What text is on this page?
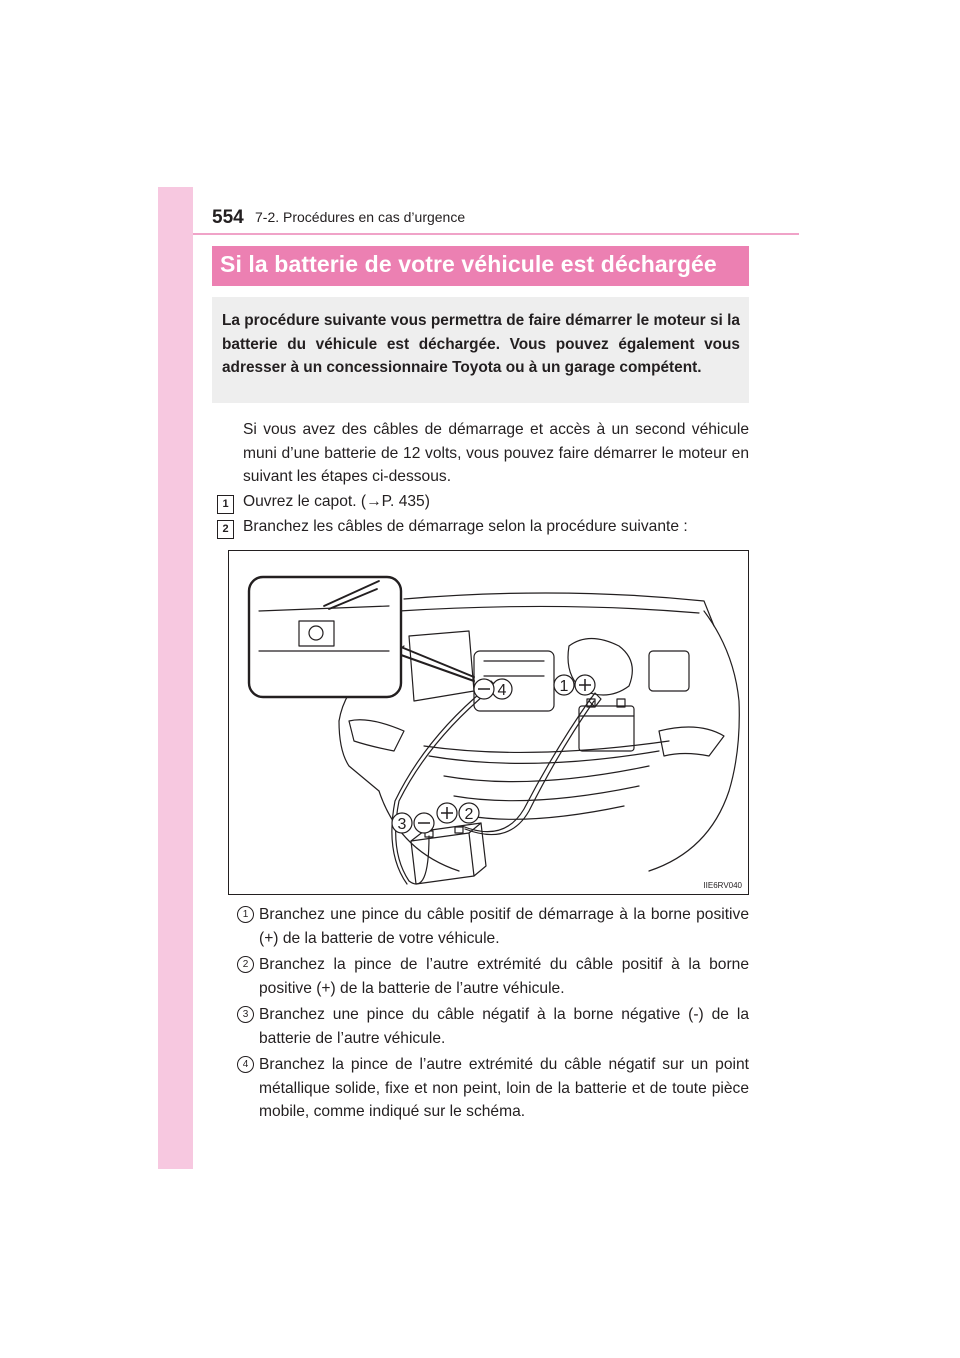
554 7-2. Procédures en cas d’urgence
Si la batterie de votre véhicule est déchargée
La procédure suivante vous permettra de faire démarrer le moteur si la batterie du véhicule est déchargée. Vous pouvez également vous adresser à un concessionnaire Toyota ou à un garage compétent.
Si vous avez des câbles de démarrage et accès à un second véhicule muni d’une batterie de 12 volts, vous pouvez faire démarrer le moteur en suivant les étapes ci-dessous.
1 Ouvrez le capot. (→P. 435)
2 Branchez les câbles de démarrage selon la procédure suivante :
4	1
2
3
IIE6RV040
1 Branchez une pince du câble positif de démarrage à la borne positive (+) de la batterie de votre véhicule.
2 Branchez la pince de l’autre extrémité du câble positif à la borne positive (+) de la batterie de l’autre véhicule.
3 Branchez une pince du câble négatif à la borne négative (-) de la batterie de l’autre véhicule.
4 Branchez la pince de l’autre extrémité du câble négatif sur un point métallique solide, fixe et non peint, loin de la batterie et de toute pièce mobile, comme indiqué sur le schéma.
